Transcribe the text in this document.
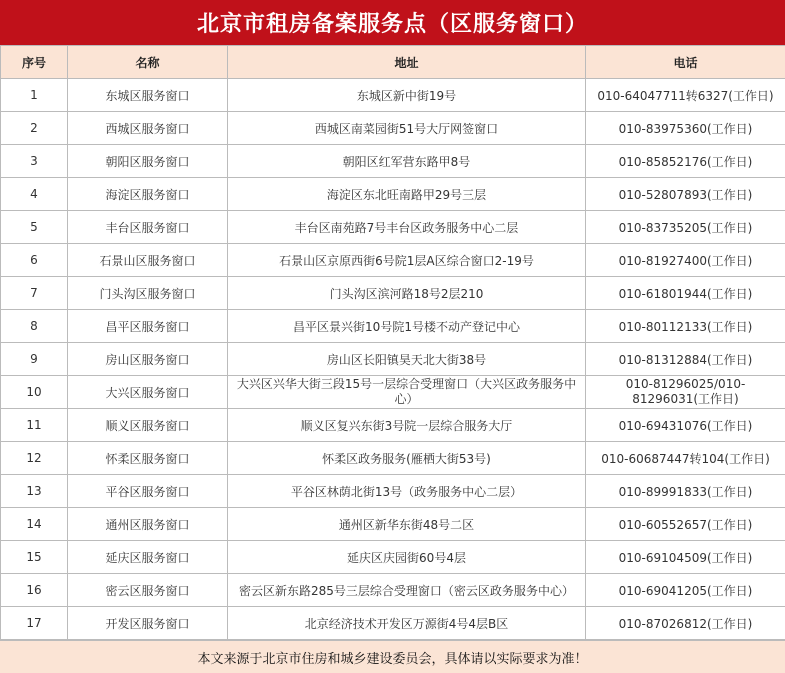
北京市租房备案服务点（区服务窗口）
序号	名称	地址	电话
1	东城区服务窗口	东城区新中街19号	010-64047711转6327(工作日)
2	西城区服务窗口	西城区南菜园街51号大厅网签窗口	010-83975360(工作日)
3	朝阳区服务窗口	朝阳区红军营东路甲8号	010-85852176(工作日)
4	海淀区服务窗口	海淀区东北旺南路甲29号三层	010-52807893(工作日)
5	丰台区服务窗口	丰台区南苑路7号丰台区政务服务中心二层	010-83735205(工作日)
6	石景山区服务窗口	石景山区京原西街6号院1层A区综合窗口2-19号	010-81927400(工作日)
7	门头沟区服务窗口	门头沟区滨河路18号2层210	010-61801944(工作日)
8	昌平区服务窗口	昌平区景兴街10号院1号楼不动产登记中心	010-80112133(工作日)
9	房山区服务窗口	房山区长阳镇昊天北大街38号	010-81312884(工作日)
10	大兴区服务窗口	大兴区兴华大街三段15号一层综合受理窗口（大兴区政务服务中心）	010-81296025/010-81296031(工作日)
11	顺义区服务窗口	顺义区复兴东街3号院一层综合服务大厅	010-69431076(工作日)
12	怀柔区服务窗口	怀柔区政务服务(雁栖大街53号)	010-60687447转104(工作日)
13	平谷区服务窗口	平谷区林荫北街13号（政务服务中心二层）	010-89991833(工作日)
14	通州区服务窗口	通州区新华东街48号二区	010-60552657(工作日)
15	延庆区服务窗口	延庆区庆园街60号4层	010-69104509(工作日)
16	密云区服务窗口	密云区新东路285号三层综合受理窗口（密云区政务服务中心）	010-69041205(工作日)
17	开发区服务窗口	北京经济技术开发区万源街4号4层B区	010-87026812(工作日)
本文来源于北京市住房和城乡建设委员会，具体请以实际要求为准！
